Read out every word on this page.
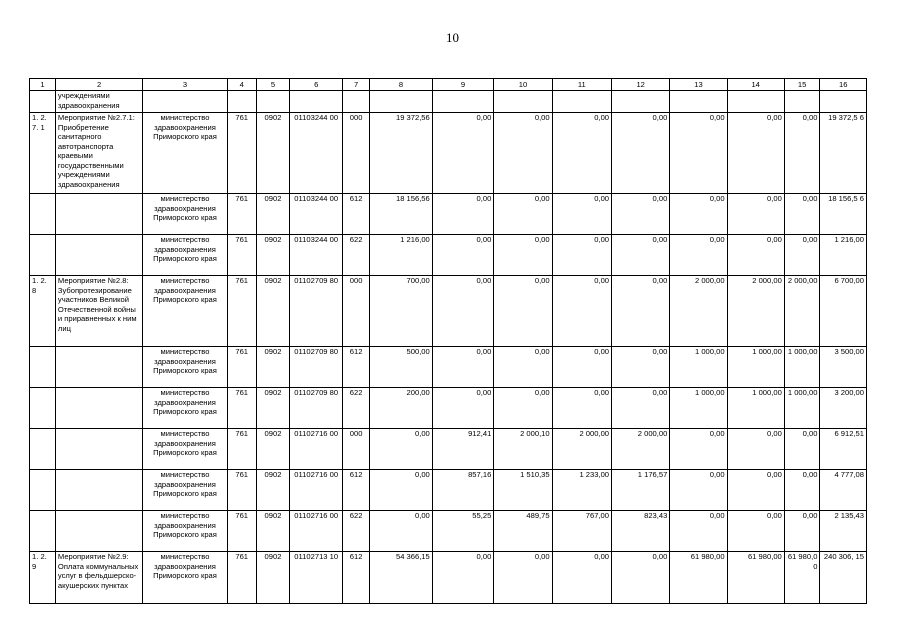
10
1	2	3	4	5	6	7	8	9	10	11	12	13	14	15	16
	учреждениями здравоохранения														
1. 2. 7. 1	Мероприятие №2.7.1: Приобретение санитарного автотранспорта краевыми государственными учреждениями здравоохранения	министерство здравоохранения Приморского края	761	0902	01103244 00	000	19 372,56	0,00	0,00	0,00	0,00	0,00	0,00	0,00	19 372,5 6
		министерство здравоохранения Приморского края	761	0902	01103244 00	612	18 156,56	0,00	0,00	0,00	0,00	0,00	0,00	0,00	18 156,5 6
		министерство здравоохранения Приморского края	761	0902	01103244 00	622	1 216,00	0,00	0,00	0,00	0,00	0,00	0,00	0,00	1 216,00
1. 2. 8	Мероприятие №2.8: Зубопротезирование участников Великой Отечественной войны и приравненных к ним лиц	министерство здравоохранения Приморского края	761	0902	01102709 80	000	700,00	0,00	0,00	0,00	0,00	2 000,00	2 000,00	2 000,00	6 700,00
		министерство здравоохранения Приморского края	761	0902	01102709 80	612	500,00	0,00	0,00	0,00	0,00	1 000,00	1 000,00	1 000,00	3 500,00
		министерство здравоохранения Приморского края	761	0902	01102709 80	622	200,00	0,00	0,00	0,00	0,00	1 000,00	1 000,00	1 000,00	3 200,00
		министерство здравоохранения Приморского края	761	0902	01102716 00	000	0,00	912,41	2 000,10	2 000,00	2 000,00	0,00	0,00	0,00	6 912,51
		министерство здравоохранения Приморского края	761	0902	01102716 00	612	0,00	857,16	1 510,35	1 233,00	1 176,57	0,00	0,00	0,00	4 777,08
		министерство здравоохранения Приморского края	761	0902	01102716 00	622	0,00	55,25	489,75	767,00	823,43	0,00	0,00	0,00	2 135,43
1. 2. 9	Мероприятие №2.9: Оплата коммунальных услуг в фельдшерско-акушерских пунктах	министерство здравоохранения Приморского края	761	0902	01102713 10	612	54 366,15	0,00	0,00	0,00	0,00	61 980,00	61 980,00	61 980,0 0	240 306, 15
